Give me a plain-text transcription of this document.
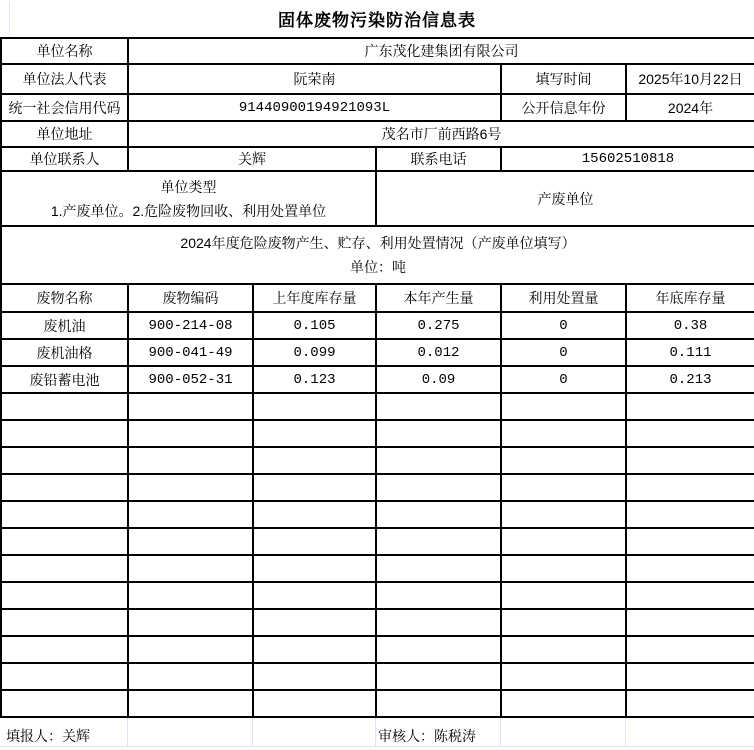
固体废物污染防治信息表
单位名称	广东茂化建集团有限公司				
单位法人代表	阮荣南			填写时间	2025年10月22日
统一社会信用代码	91440900194921093L			公开信息年份	2024年
单位地址	茂名市厂前西路6号				
单位联系人	关辉		联系电话	15602510818	

单位类型
1.产废单位。2.危险废物回收、利用处置单位			产废单位		

2024年度危险废物产生、贮存、利用处置情况（产废单位填写）
单位：吨					

废物名称	废物编码	上年度库存量	本年产生量	利用处置量	年底库存量
废机油	900-214-08	0.105	0.275	0	0.38
废机油格	900-041-49	0.099	0.012	0	0.111
废铅蓄电池	900-052-31	0.123	0.09	0	0.213

填报人：关辉	审核人：陈税涛
